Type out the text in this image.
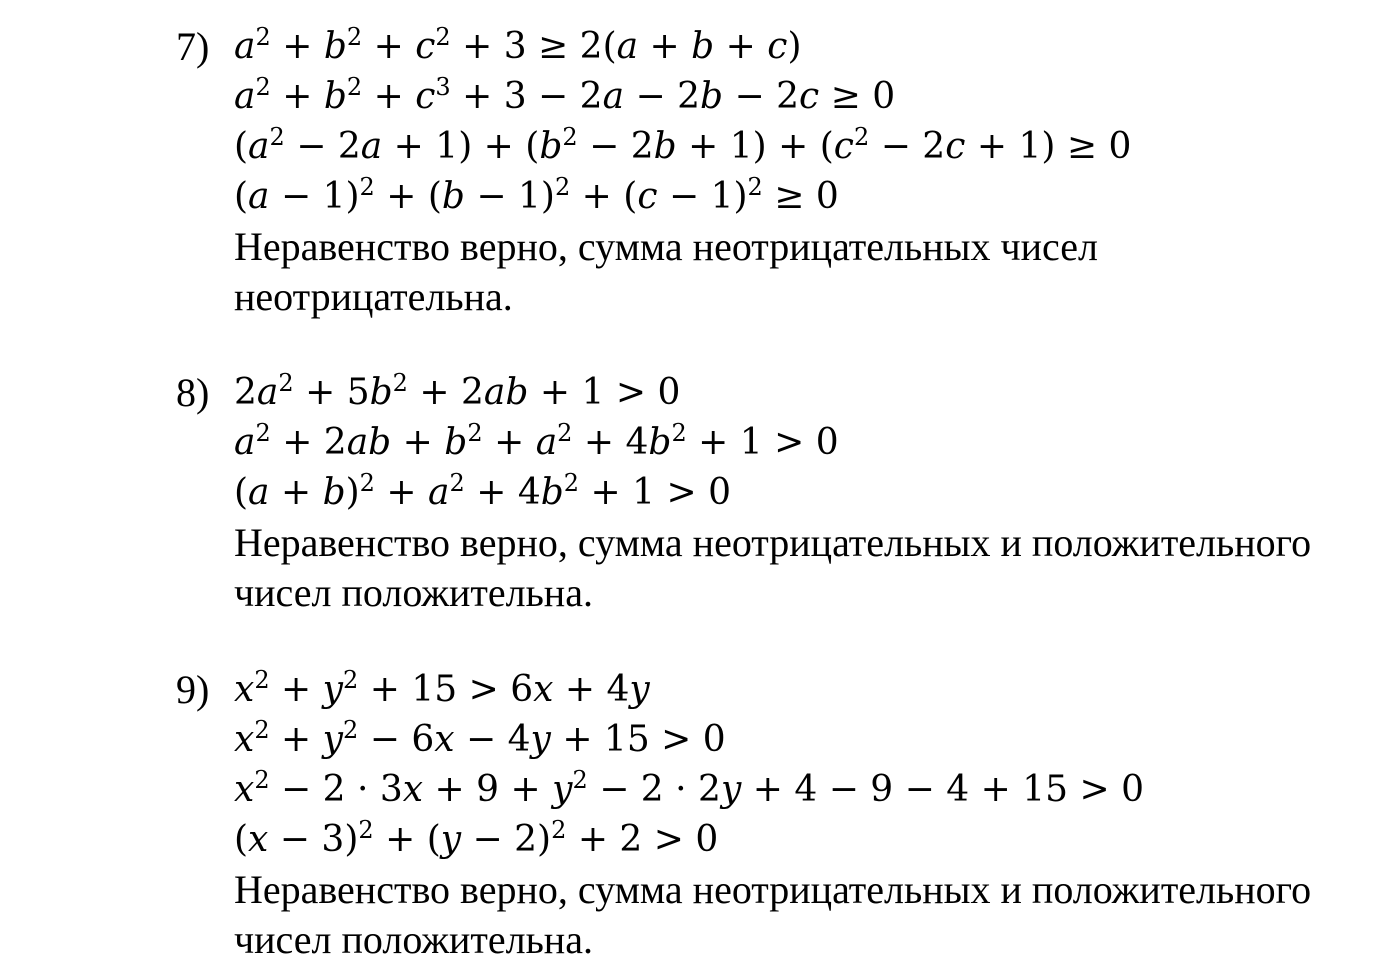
7) $a^2 + b^2 + c^2 + 3 \ge 2(a + b + c)$
$a^2 + b^2 + c^3 + 3 - 2a - 2b - 2c \ge 0$
$(a^2 - 2a + 1) + (b^2 - 2b + 1) + (c^2 - 2c + 1) \ge 0$
$(a - 1)^2 + (b - 1)^2 + (c - 1)^2 \ge 0$
Неравенство верно, сумма неотрицательных чисел
неотрицательна.
8) $2a^2 + 5b^2 + 2ab + 1 > 0$
$a^2 + 2ab + b^2 + a^2 + 4b^2 + 1 > 0$
$(a + b)^2 + a^2 + 4b^2 + 1 > 0$
Неравенство верно, сумма неотрицательных и положительного
чисел положительна.
9) $x^2 + y^2 + 15 > 6x + 4y$
$x^2 + y^2 - 6x - 4y + 15 > 0$
$x^2 - 2 \cdot 3x + 9 + y^2 - 2 \cdot 2y + 4 - 9 - 4 + 15 > 0$
$(x - 3)^2 + (y - 2)^2 + 2 > 0$
Неравенство верно, сумма неотрицательных и положительного
чисел положительна.
